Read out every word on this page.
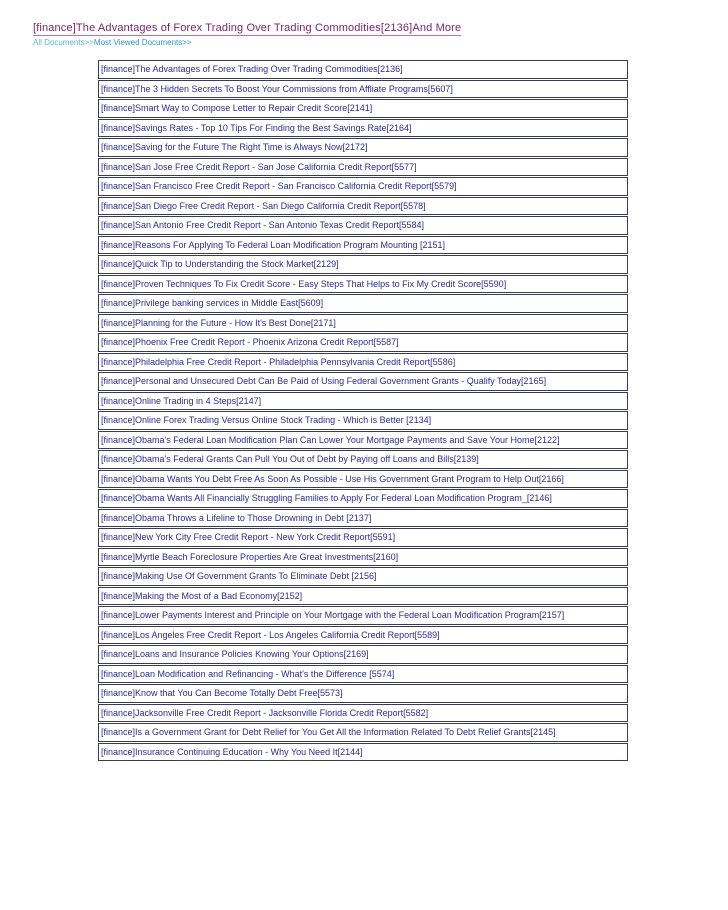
[finance]The Advantages of Forex Trading Over Trading Commodities[2136]And More
All Documents>>Most Viewed Documents>>
[finance]The Advantages of Forex Trading Over Trading Commodities[2136]
[finance]The 3 Hidden Secrets To Boost Your Commissions from Affliate Programs[5607]
[finance]Smart Way to Compose Letter to Repair Credit Score[2141]
[finance]Savings Rates - Top 10 Tips For Finding the Best Savings Rate[2164]
[finance]Saving for the Future The Right Time is Always Now[2172]
[finance]San Jose Free Credit Report - San Jose California Credit Report[5577]
[finance]San Francisco Free Credit Report - San Francisco California Credit Report[5579]
[finance]San Diego Free Credit Report - San Diego California Credit Report[5578]
[finance]San Antonio Free Credit Report - San Antonio Texas Credit Report[5584]
[finance]Reasons For Applying To Federal Loan Modification Program Mounting [2151]
[finance]Quick Tip to Understanding the Stock Market[2129]
[finance]Proven Techniques To Fix Credit Score - Easy Steps That Helps to Fix My Credit Score[5590]
[finance]Privilege banking services in Middle East[5609]
[finance]Planning for the Future - How It's Best Done[2171]
[finance]Phoenix Free Credit Report - Phoenix Arizona Credit Report[5587]
[finance]Philadelphia Free Credit Report - Philadelphia Pennsylvania Credit Report[5586]
[finance]Personal and Unsecured Debt Can Be Paid of Using Federal Government Grants - Qualify Today[2165]
[finance]Online Trading in 4 Steps[2147]
[finance]Online Forex Trading Versus Online Stock Trading - Which is Better [2134]
[finance]Obama's Federal Loan Modification Plan Can Lower Your Mortgage Payments and Save Your Home[2122]
[finance]Obama's Federal Grants Can Pull You Out of Debt by Paying off Loans and Bills[2139]
[finance]Obama Wants You Debt Free As Soon As Possible - Use His Government Grant Program to Help Out[2166]
[finance]Obama Wants All Financially Struggling Families to Apply For Federal Loan Modification Program_[2146]
[finance]Obama Throws a Lifeline to Those Drowning in Debt [2137]
[finance]New York City Free Credit Report - New York Credit Report[5591]
[finance]Myrtle Beach Foreclosure Properties Are Great Investments[2160]
[finance]Making Use Of Government Grants To Eliminate Debt [2156]
[finance]Making the Most of a Bad Economy[2152]
[finance]Lower Payments Interest and Principle on Your Mortgage with the Federal Loan Modification Program[2157]
[finance]Los Angeles Free Credit Report - Los Angeles California Credit Report[5589]
[finance]Loans and Insurance Policies Knowing Your Options[2169]
[finance]Loan Modification and Refinancing - What's the Difference [5574]
[finance]Know that You Can Become Totally Debt Free[5573]
[finance]Jacksonville Free Credit Report - Jacksonville Florida Credit Report[5582]
[finance]Is a Government Grant for Debt Relief for You Get All the Information Related To Debt Relief Grants[2145]
[finance]Insurance Continuing Education - Why You Need It[2144]
